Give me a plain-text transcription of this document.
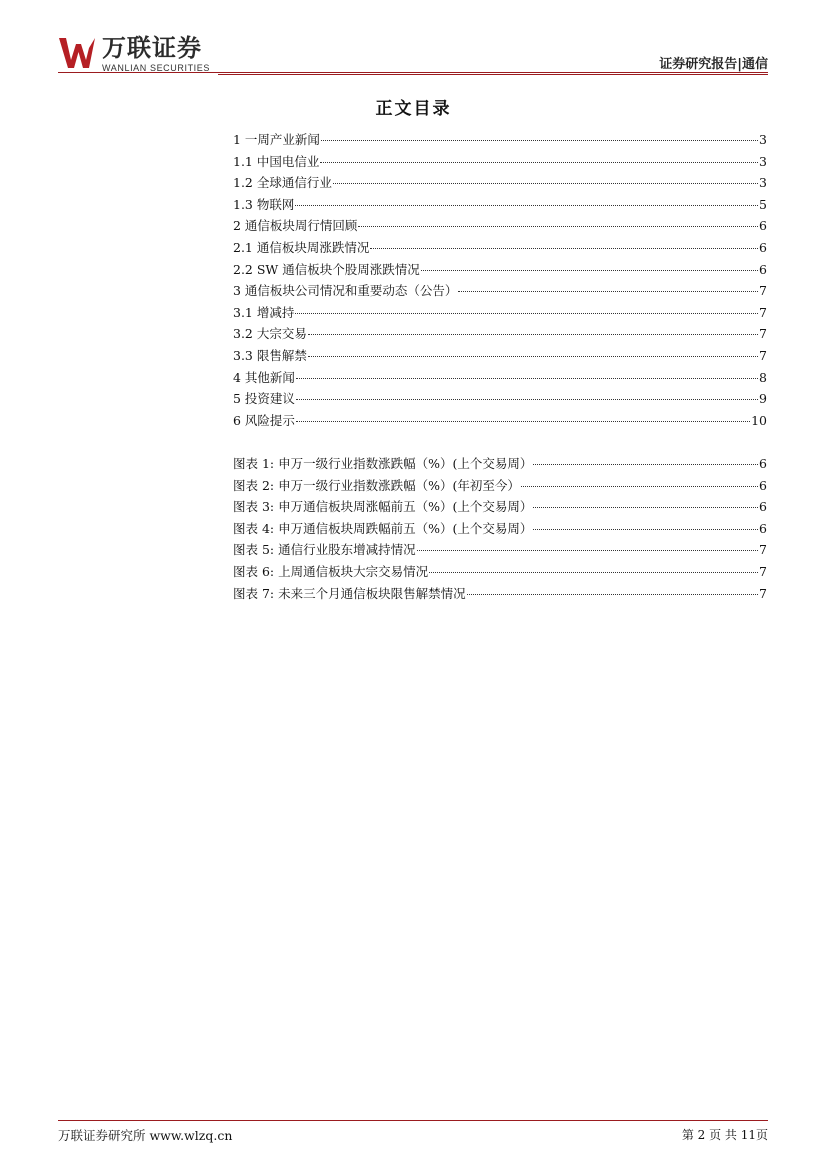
万联证券
WANLIAN SECURITIES	证券研究报告|通信
正文目录
1 一周产业新闻	3
1.1 中国电信业	3
1.2 全球通信行业	3
1.3 物联网	5
2 通信板块周行情回顾	6
2.1 通信板块周涨跌情况	6
2.2 SW 通信板块个股周涨跌情况	6
3 通信板块公司情况和重要动态（公告）	7
3.1 增减持	7
3.2 大宗交易	7
3.3 限售解禁	7
4 其他新闻	8
5 投资建议	9
6 风险提示	10
图表 1: 申万一级行业指数涨跌幅（%）(上个交易周）	6
图表 2: 申万一级行业指数涨跌幅（%）(年初至今）	6
图表 3: 申万通信板块周涨幅前五（%）(上个交易周）	6
图表 4: 申万通信板块周跌幅前五（%）(上个交易周）	6
图表 5: 通信行业股东增减持情况	7
图表 6: 上周通信板块大宗交易情况	7
图表 7: 未来三个月通信板块限售解禁情况	7
万联证券研究所 www.wlzq.cn	第 2 页 共 11页
